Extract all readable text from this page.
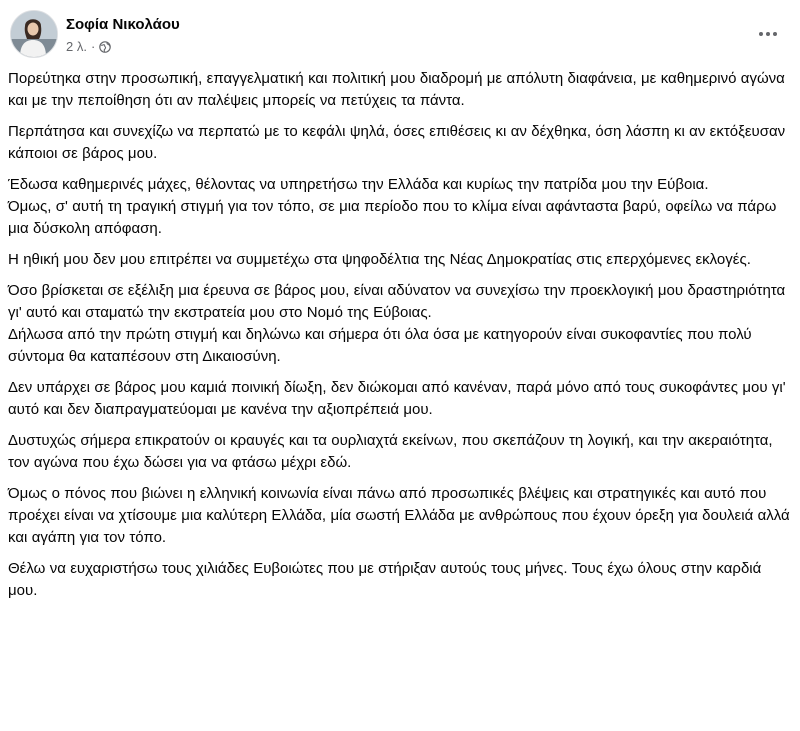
Σοφία Νικολάου
2 λ. ·

Πορεύτηκα στην προσωπική, επαγγελματική και πολιτική μου διαδρομή με απόλυτη διαφάνεια, με καθημερινό αγώνα και με την πεποίθηση ότι αν παλέψεις μπορείς να πετύχεις τα πάντα.

Περπάτησα και συνεχίζω να περπατώ με το κεφάλι ψηλά, όσες επιθέσεις κι αν δέχθηκα, όση λάσπη κι αν εκτόξευσαν κάποιοι σε βάρος μου.

Έδωσα καθημερινές μάχες, θέλοντας να υπηρετήσω την Ελλάδα και κυρίως την πατρίδα μου την Εύβοια.

Όμως, σ' αυτή τη τραγική στιγμή για τον τόπο, σε μια περίοδο που το κλίμα είναι αφάνταστα βαρύ, οφείλω να πάρω μια δύσκολη απόφαση.

Η ηθική μου δεν μου επιτρέπει να συμμετέχω στα ψηφοδέλτια της Νέας Δημοκρατίας στις επερχόμενες εκλογές.

Όσο βρίσκεται σε εξέλιξη μια έρευνα σε βάρος μου, είναι αδύνατον να συνεχίσω την προεκλογική μου δραστηριότητα γι' αυτό και σταματώ την εκστρατεία μου στο Νομό της Εύβοιας.

Δήλωσα από την πρώτη στιγμή και δηλώνω και σήμερα ότι όλα όσα με κατηγορούν είναι συκοφαντίες που πολύ σύντομα θα καταπέσουν στη Δικαιοσύνη.

Δεν υπάρχει σε βάρος μου καμιά ποινική δίωξη, δεν διώκομαι από κανέναν, παρά μόνο από τους συκοφάντες μου γι' αυτό και δεν διαπραγματεύομαι με κανένα την αξιοπρέπειά μου.

Δυστυχώς σήμερα επικρατούν οι κραυγές και τα ουρλιαχτά εκείνων, που σκεπάζουν τη λογική, και την ακεραιότητα, τον αγώνα που έχω δώσει για να φτάσω μέχρι εδώ.

Όμως ο πόνος που βιώνει η ελληνική κοινωνία είναι πάνω από προσωπικές βλέψεις και στρατηγικές και αυτό που προέχει είναι να χτίσουμε μια καλύτερη Ελλάδα, μία σωστή Ελλάδα με ανθρώπους που έχουν όρεξη για δουλειά αλλά και αγάπη για τον τόπο.

Θέλω να ευχαριστήσω τους χιλιάδες Ευβοιώτες που με στήριξαν αυτούς τους μήνες. Τους έχω όλους στην καρδιά μου.
